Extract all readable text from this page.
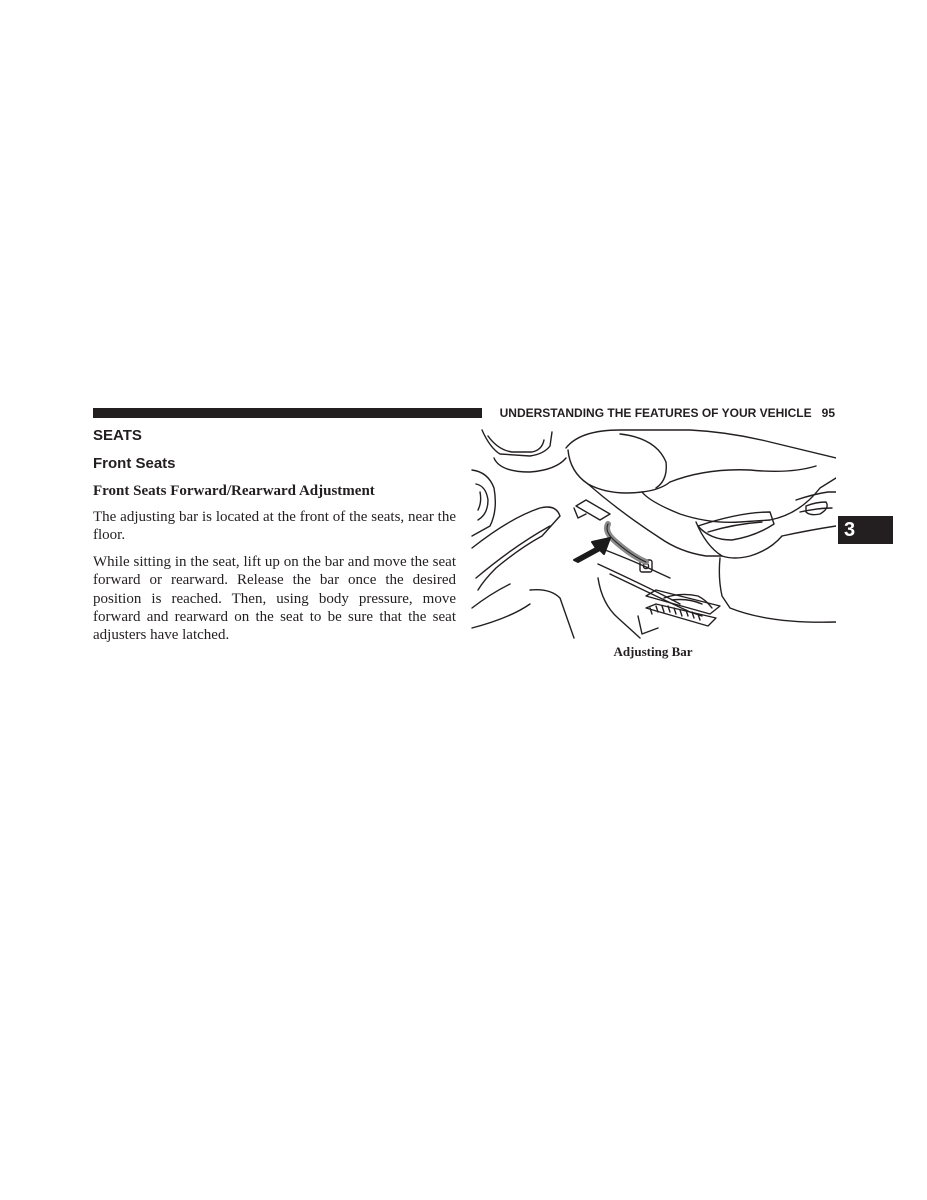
UNDERSTANDING THE FEATURES OF YOUR VEHICLE 95
SEATS
Front Seats
Front Seats Forward/Rearward Adjustment

The adjusting bar is located at the front of the seats, near the floor.

While sitting in the seat, lift up on the bar and move the seat forward or rearward. Release the bar once the desired position is reached. Then, using body pressure, move forward and rearward on the seat to be sure that the seat adjusters have latched.

3
Adjusting Bar
